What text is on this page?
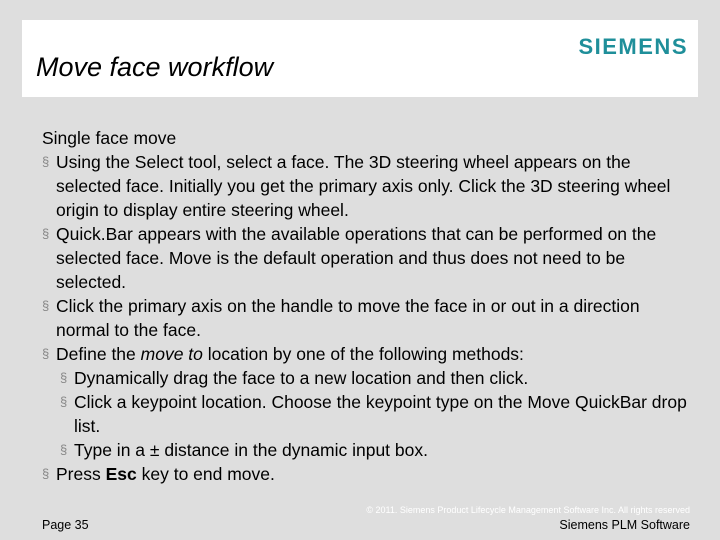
Move face workflow
SIEMENS

Single face move

§ Using the Select tool, select a face. The 3D steering wheel appears on the selected face. Initially you get the primary axis only. Click the 3D steering wheel origin to display entire steering wheel.

§ Quick.Bar appears with the available operations that can be performed on the selected face. Move is the default operation and thus does not need to be selected.

§ Click the primary axis on the handle to move the face in or out in a direction normal to the face.

§ Define the move to location by one of the following methods:

§ Dynamically drag the face to a new location and then click.

§ Click a keypoint location. Choose the keypoint type on the Move QuickBar drop list.

§ Type in a ± distance in the dynamic input box.

§ Press Esc key to end move.

© 2011. Siemens Product Lifecycle Management Software Inc. All rights reserved
Page 35	Siemens PLM Software
